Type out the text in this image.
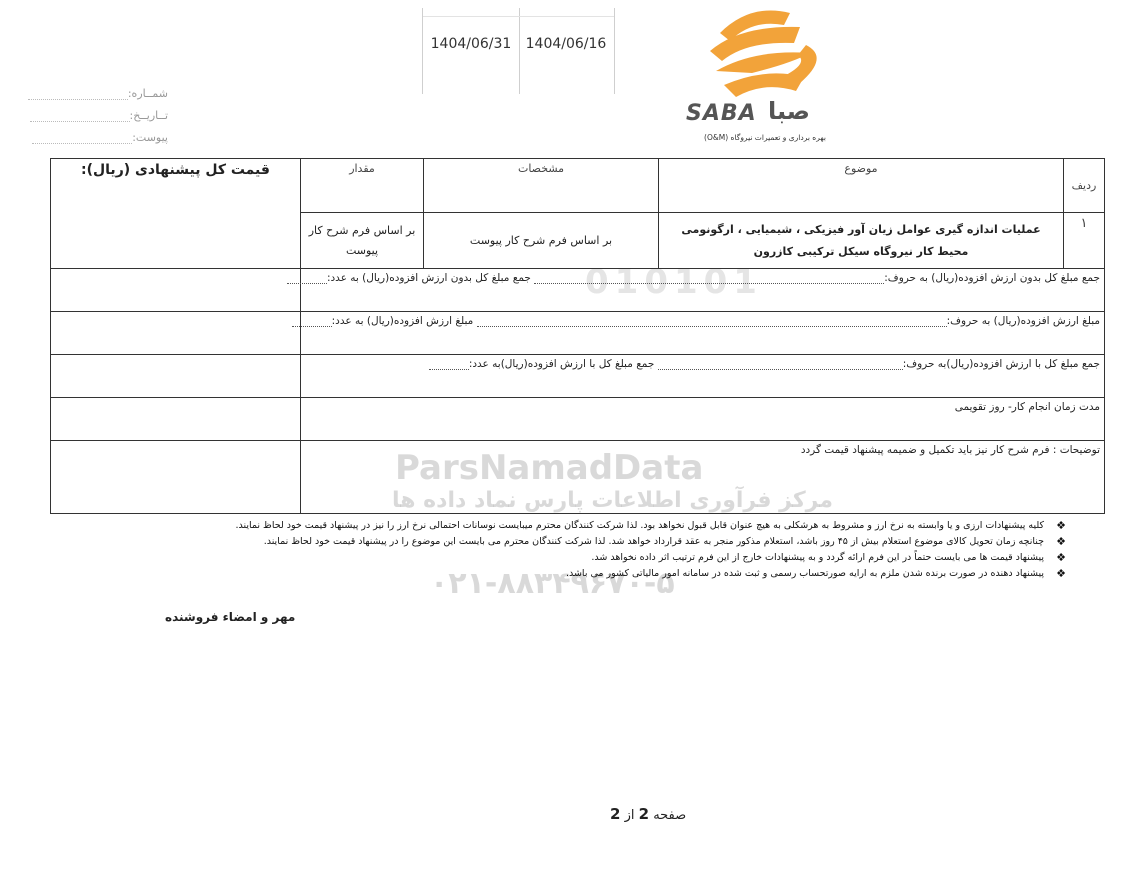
1404/06/31	1404/06/16
شمــاره:
تــاریــخ:
پیوست:
SABA صبا
بهره برداری و تعمیرات نیروگاه (O&M)
010101
ParsNamadData
مرکز فرآوری اطلاعات پارس نماد داده ها
۰۲۱-۸۸۳۴۹۶۷۰-۵
ردیف	موضوع	مشخصات	مقدار	قیمت کل پیشنهادی (ریال):

۱	عملیات اندازه گیری عوامل زیان آور فیزیکی ، شیمیایی ، ارگونومی
محیط کار نیروگاه سیکل ترکیبی کازرون	بر اساس فرم شرح کار پیوست	بر اساس فرم شرح کار پیوست	

جمع مبلغ کل بدون ارزش افزوده(ریال) به حروف: جمع مبلغ کل بدون ارزش افزوده(ریال) به عدد:				

مبلغ ارزش افزوده(ریال) به حروف: مبلغ ارزش افزوده(ریال) به عدد:				

جمع مبلغ کل با ارزش افزوده(ریال)به حروف: جمع مبلغ کل با ارزش افزوده(ریال)به عدد:				

مدت زمان انجام کار- روز تقویمی				

توضیحات : فرم شرح کار نیز باید تکمیل و ضمیمه پیشنهاد قیمت گردد				

❖
کلیه پیشنهادات ارزی و یا وابسته به نرخ ارز و مشروط به هرشکلی به هیچ عنوان قابل قبول نخواهد بود. لذا شرکت کنندگان محترم میبایست نوسانات احتمالی نرخ ارز را نیز در پیشنهاد قیمت خود لحاظ نمایند.
❖
چنانچه زمان تحویل کالای موضوع استعلام بیش از ۴۵ روز باشد، استعلام مذکور منجر به عقد قرارداد خواهد شد. لذا شرکت کنندگان محترم می بایست این موضوع را در پیشنهاد قیمت خود لحاظ نمایند.
❖
پیشنهاد قیمت ها می بایست حتماً در این فرم ارائه گردد و به پیشنهادات خارج از این فرم ترتیب اثر داده نخواهد شد.
❖
پیشنهاد دهنده در صورت برنده شدن ملزم به ارایه صورتحساب رسمی و ثبت شده در سامانه امور مالیاتی کشور می باشد.
مهر و امضاء فروشنده
صفحه 2 از 2
